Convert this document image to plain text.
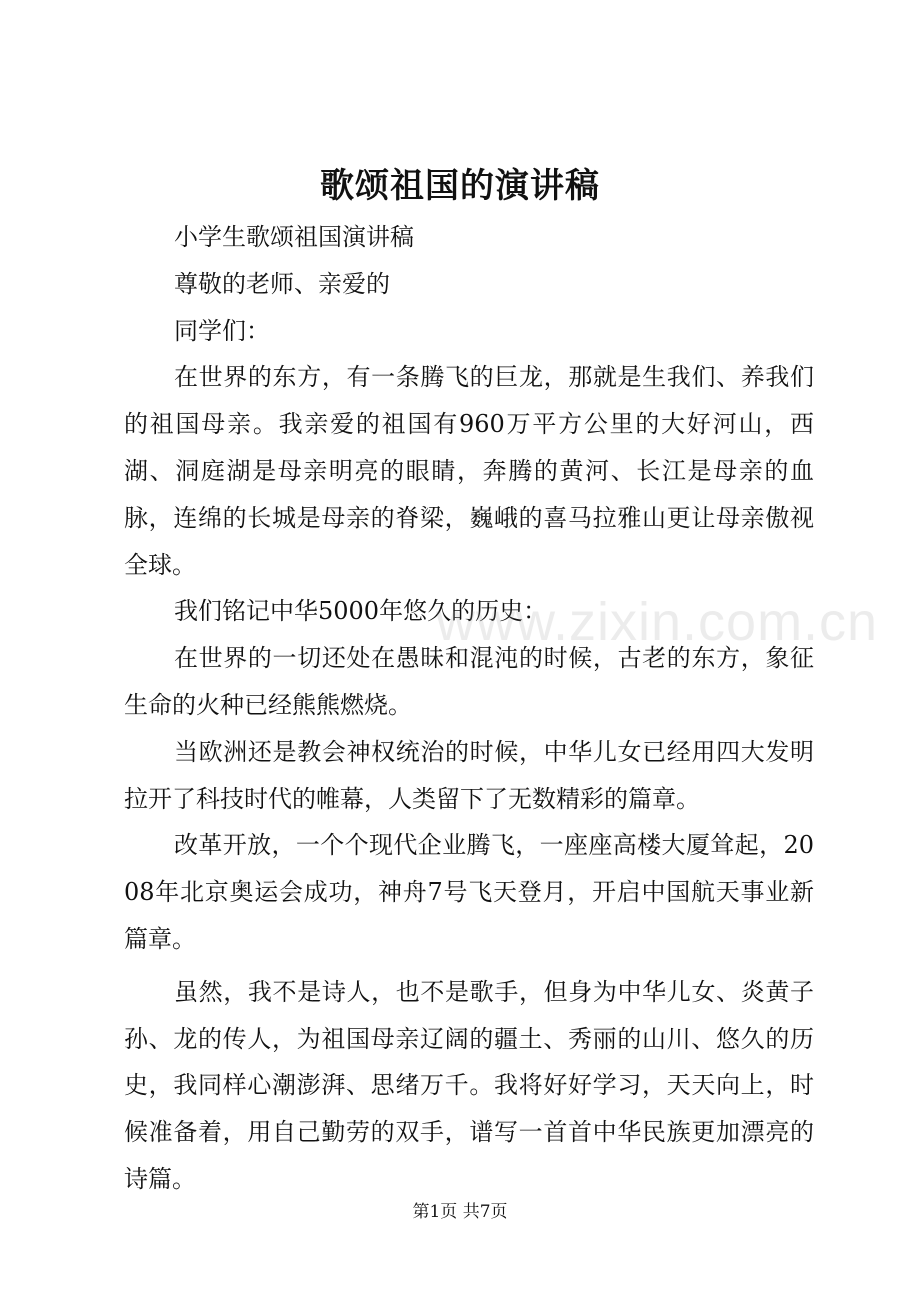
歌颂祖国的演讲稿

小学生歌颂祖国演讲稿

尊敬的老师、亲爱的

同学们：

在世界的东方，有一条腾飞的巨龙，那就是生我们、养我们的祖国母亲。我亲爱的祖国有960万平方公里的大好河山，西湖、洞庭湖是母亲明亮的眼睛，奔腾的黄河、长江是母亲的血脉，连绵的长城是母亲的脊梁，巍峨的喜马拉雅山更让母亲傲视全球。

我们铭记中华5000年悠久的历史：

在世界的一切还处在愚昧和混沌的时候，古老的东方，象征生命的火种已经熊熊燃烧。

当欧洲还是教会神权统治的时候，中华儿女已经用四大发明拉开了科技时代的帷幕，人类留下了无数精彩的篇章。

改革开放，一个个现代企业腾飞，一座座高楼大厦耸起，2008年北京奥运会成功，神舟7号飞天登月，开启中国航天事业新篇章。

虽然，我不是诗人，也不是歌手，但身为中华儿女、炎黄子孙、龙的传人，为祖国母亲辽阔的疆土、秀丽的山川、悠久的历史，我同样心潮澎湃、思绪万千。我将好好学习，天天向上，时候准备着，用自己勤劳的双手，谱写一首首中华民族更加漂亮的诗篇。

www.zixin.com.cn
第1页 共7页
